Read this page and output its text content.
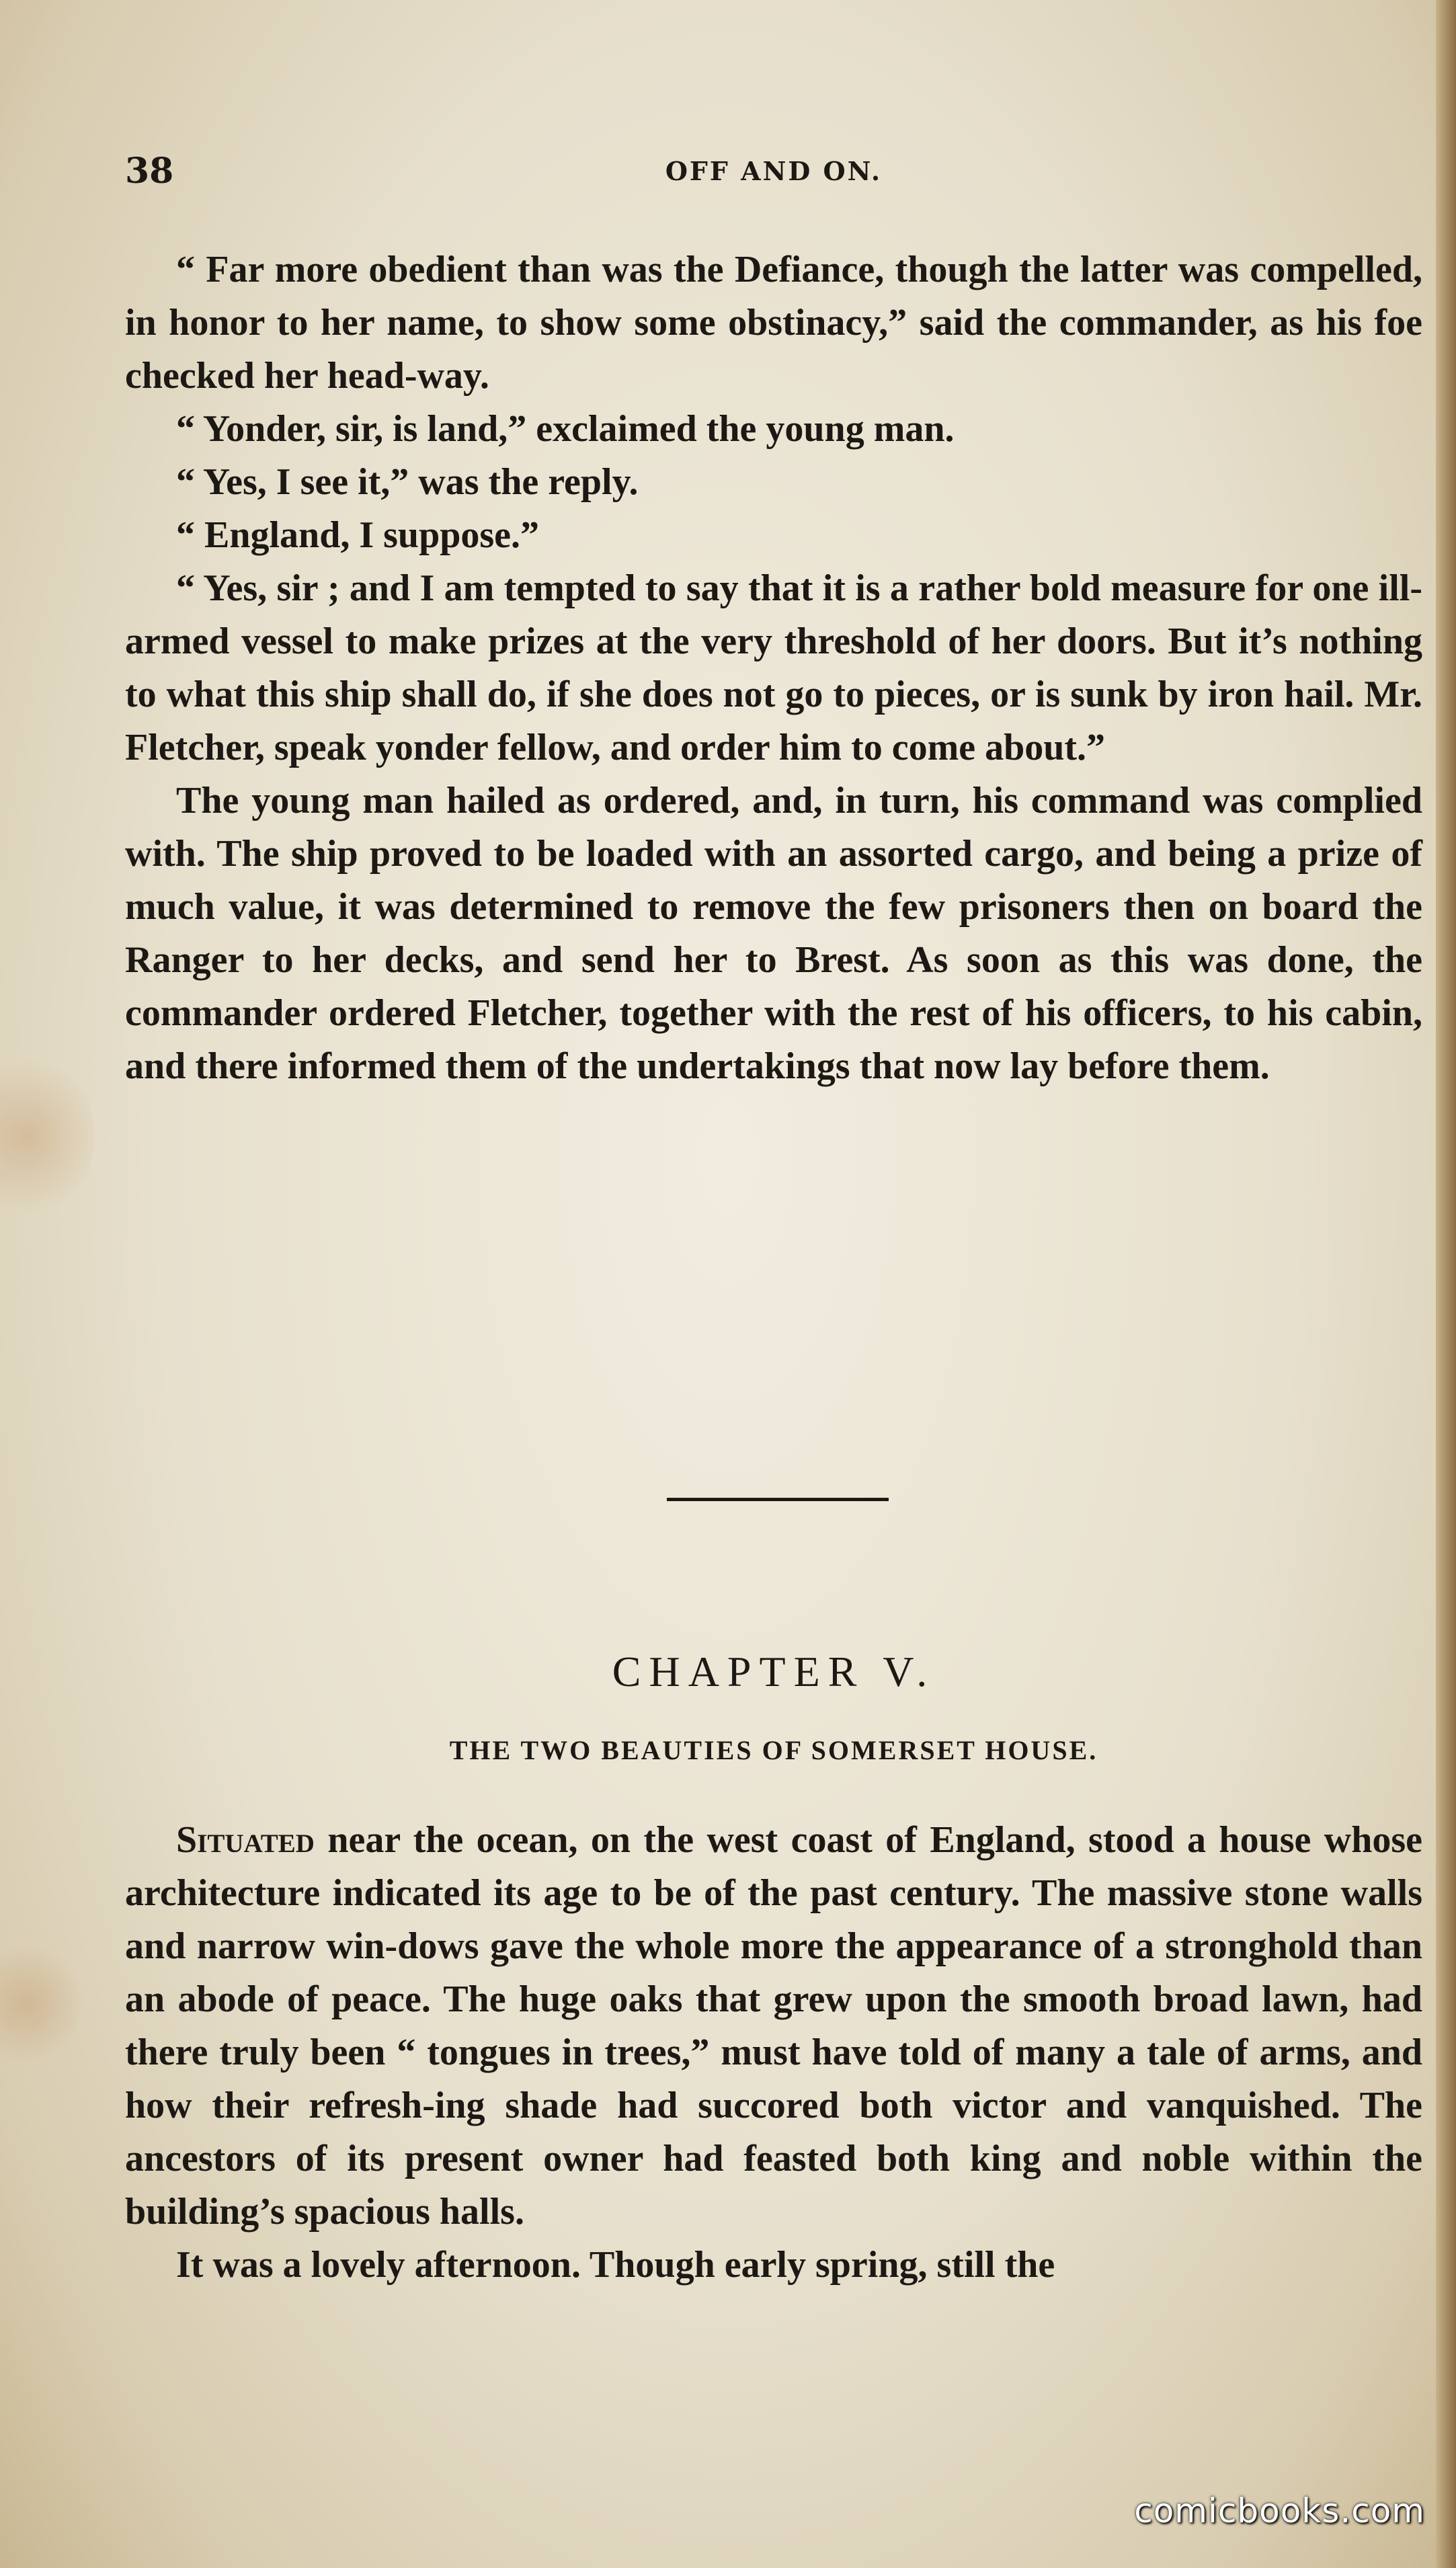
38	OFF AND ON.

“ Far more obedient than was the Defiance, though the latter was compelled, in honor to her name, to show some obstinacy,” said the commander, as his foe checked her head-way.

“ Yonder, sir, is land,” exclaimed the young man.

“ Yes, I see it,” was the reply.

“ England, I suppose.”

“ Yes, sir ; and I am tempted to say that it is a rather bold measure for one ill-armed vessel to make prizes at the very threshold of her doors. But it’s nothing to what this ship shall do, if she does not go to pieces, or is sunk by iron hail. Mr. Fletcher, speak yonder fellow, and order him to come about.”

The young man hailed as ordered, and, in turn, his command was complied with. The ship proved to be loaded with an assorted cargo, and being a prize of much value, it was determined to remove the few prisoners then on board the Ranger to her decks, and send her to Brest. As soon as this was done, the commander ordered Fletcher, together with the rest of his officers, to his cabin, and there informed them of the undertakings that now lay before them.

CHAPTER V.
THE TWO BEAUTIES OF SOMERSET HOUSE.

Situated near the ocean, on the west coast of England, stood a house whose architecture indicated its age to be of the past century. The massive stone walls and narrow win-dows gave the whole more the appearance of a stronghold than an abode of peace. The huge oaks that grew upon the smooth broad lawn, had there truly been “ tongues in trees,” must have told of many a tale of arms, and how their refresh-ing shade had succored both victor and vanquished. The ancestors of its present owner had feasted both king and noble within the building’s spacious halls.

It was a lovely afternoon. Though early spring, still the

comicbooks.com
